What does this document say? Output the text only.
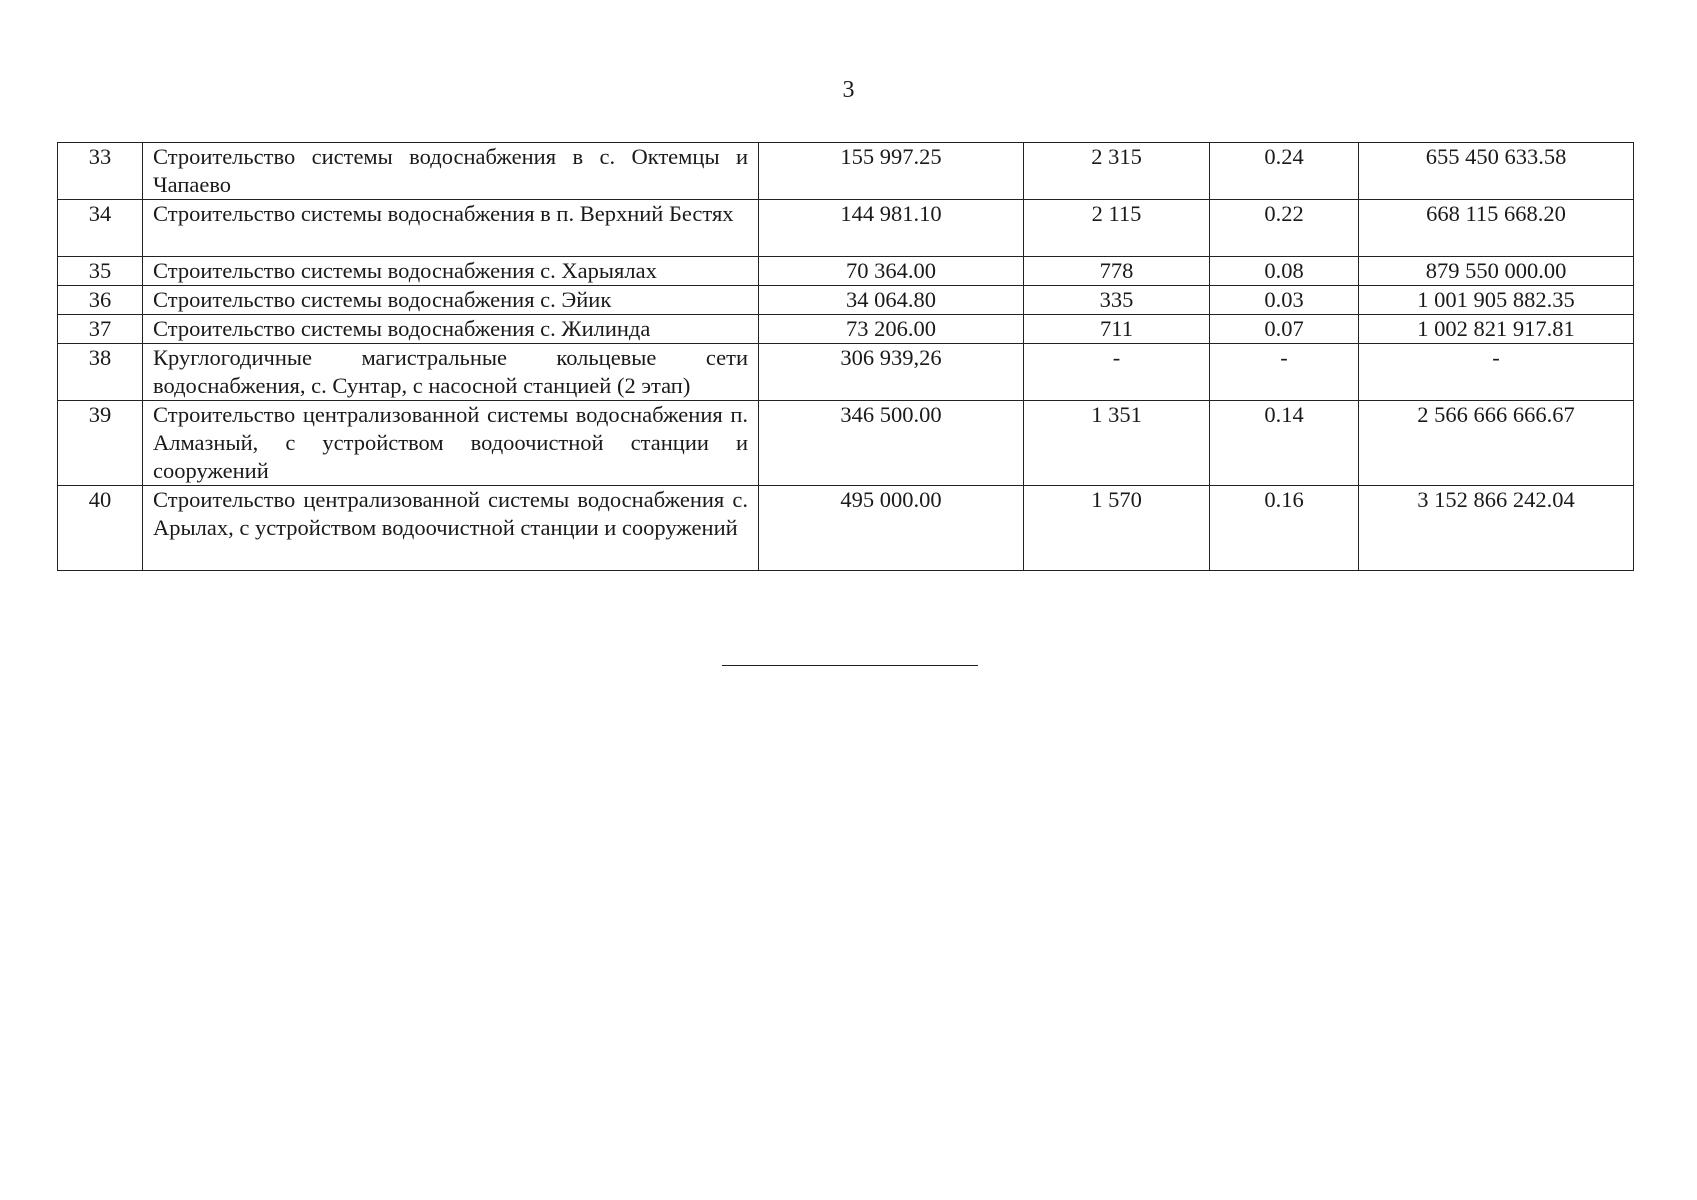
3
33	Строительство системы водоснабжения в с. Октемцы и Чапаево	155 997.25	2 315	0.24	655 450 633.58
34	Строительство системы водоснабжения в п. Верхний Бестях	144 981.10	2 115	0.22	668 115 668.20
35	Строительство системы водоснабжения с. Харыялах	70 364.00	778	0.08	879 550 000.00
36	Строительство системы водоснабжения с. Эйик	34 064.80	335	0.03	1 001 905 882.35
37	Строительство системы водоснабжения с. Жилинда	73 206.00	711	0.07	1 002 821 917.81
38	Круглогодичные магистральные кольцевые сети водоснабжения, с. Сунтар, с насосной станцией (2 этап)	306 939,26	-	-	-
39	Строительство централизованной системы водоснабжения п. Алмазный, с устройством водоочистной станции и сооружений	346 500.00	1 351	0.14	2 566 666 666.67
40	Строительство централизованной системы водоснабжения с. Арылах, с устройством водоочистной станции и сооружений	495 000.00	1 570	0.16	3 152 866 242.04
